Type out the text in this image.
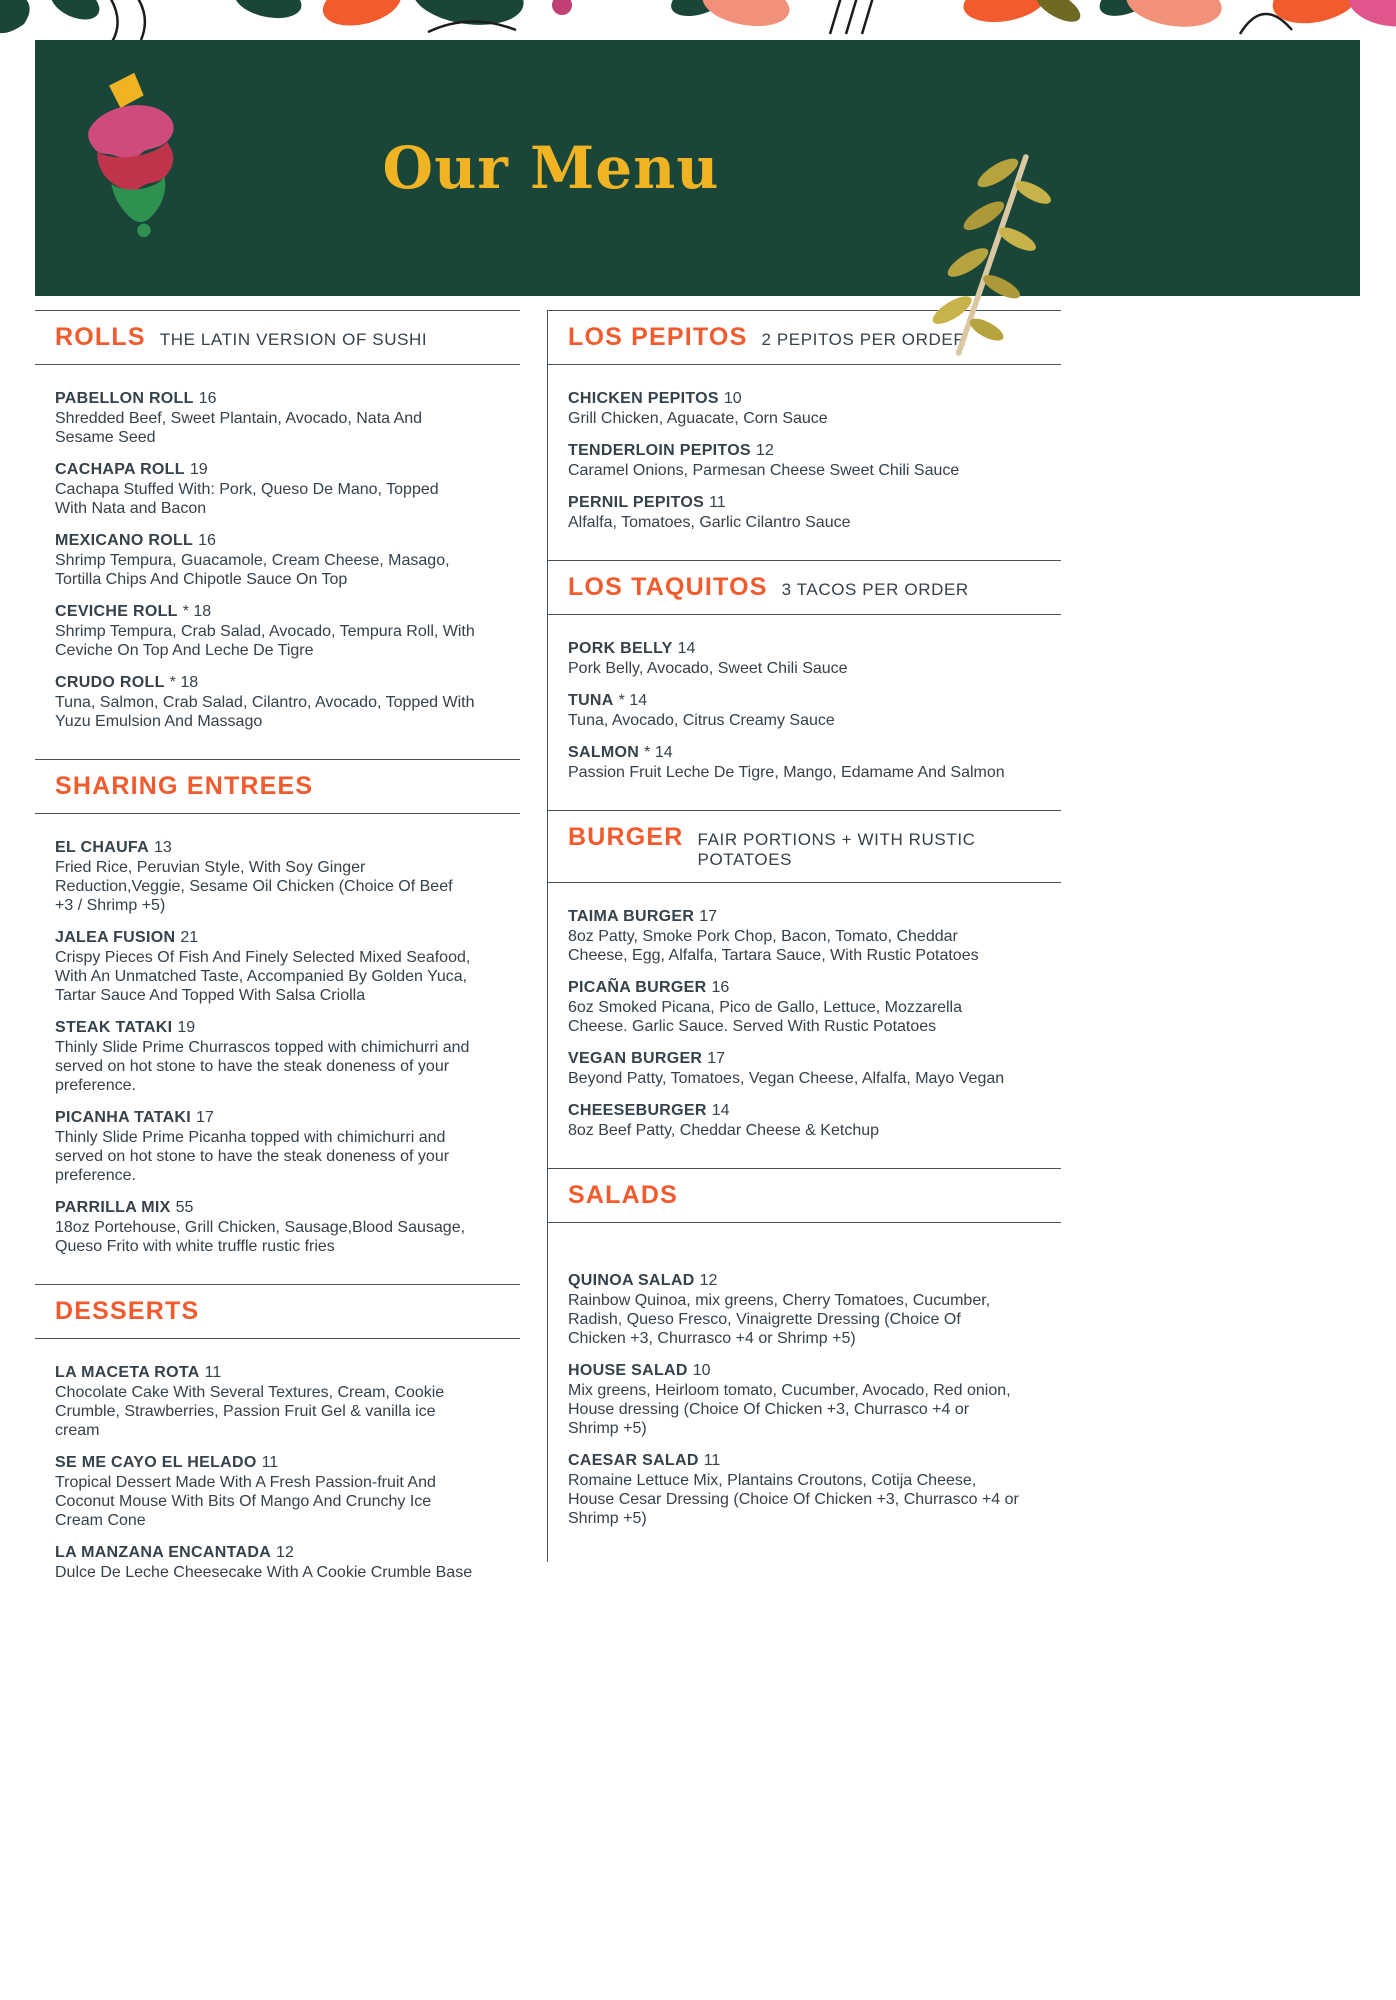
Our Menu
ROLLS THE LATIN VERSION OF SUSHI
PABELLON ROLL 16
Shredded Beef, Sweet Plantain, Avocado, Nata And Sesame Seed
CACHAPA ROLL 19
Cachapa Stuffed With: Pork, Queso De Mano, Topped With Nata and Bacon
MEXICANO ROLL 16
Shrimp Tempura, Guacamole, Cream Cheese, Masago, Tortilla Chips And Chipotle Sauce On Top
CEVICHE ROLL * 18
Shrimp Tempura, Crab Salad, Avocado, Tempura Roll, With Ceviche On Top And Leche De Tigre
CRUDO ROLL * 18
Tuna, Salmon, Crab Salad, Cilantro, Avocado, Topped With Yuzu Emulsion And Massago
SHARING ENTREES
EL CHAUFA 13
Fried Rice, Peruvian Style, With Soy Ginger Reduction,Veggie, Sesame Oil Chicken (Choice Of Beef +3 / Shrimp +5)
JALEA FUSION 21
Crispy Pieces Of Fish And Finely Selected Mixed Seafood, With An Unmatched Taste, Accompanied By Golden Yuca, Tartar Sauce And Topped With Salsa Criolla
STEAK TATAKI 19
Thinly Slide Prime Churrascos topped with chimichurri and served on hot stone to have the steak doneness of your preference.
PICANHA TATAKI 17
Thinly Slide Prime Picanha topped with chimichurri and served on hot stone to have the steak doneness of your preference.
PARRILLA MIX 55
18oz Portehouse, Grill Chicken, Sausage,Blood Sausage, Queso Frito with white truffle rustic fries
DESSERTS
LA MACETA ROTA 11
Chocolate Cake With Several Textures, Cream, Cookie Crumble, Strawberries, Passion Fruit Gel & vanilla ice cream
SE ME CAYO EL HELADO 11
Tropical Dessert Made With A Fresh Passion-fruit And Coconut Mouse With Bits Of Mango And Crunchy Ice Cream Cone
LA MANZANA ENCANTADA 12
Dulce De Leche Cheesecake With A Cookie Crumble Base
LOS PEPITOS 2 PEPITOS PER ORDER
CHICKEN PEPITOS 10
Grill Chicken, Aguacate, Corn Sauce
TENDERLOIN PEPITOS 12
Caramel Onions, Parmesan Cheese Sweet Chili Sauce
PERNIL PEPITOS 11
Alfalfa, Tomatoes, Garlic Cilantro Sauce
LOS TAQUITOS 3 TACOS PER ORDER
PORK BELLY 14
Pork Belly, Avocado, Sweet Chili Sauce
TUNA * 14
Tuna, Avocado, Citrus Creamy Sauce
SALMON * 14
Passion Fruit Leche De Tigre, Mango, Edamame And Salmon
BURGER FAIR PORTIONS + WITH RUSTIC POTATOES
TAIMA BURGER 17
8oz Patty, Smoke Pork Chop, Bacon, Tomato, Cheddar Cheese, Egg, Alfalfa, Tartara Sauce, With Rustic Potatoes
PICAÑA BURGER 16
6oz Smoked Picana, Pico de Gallo, Lettuce, Mozzarella Cheese. Garlic Sauce. Served With Rustic Potatoes
VEGAN BURGER 17
Beyond Patty, Tomatoes, Vegan Cheese, Alfalfa, Mayo Vegan
CHEESEBURGER 14
8oz Beef Patty, Cheddar Cheese & Ketchup
SALADS
QUINOA SALAD 12
Rainbow Quinoa, mix greens, Cherry Tomatoes, Cucumber, Radish, Queso Fresco, Vinaigrette Dressing (Choice Of Chicken +3, Churrasco +4 or Shrimp +5)
HOUSE SALAD 10
Mix greens, Heirloom tomato, Cucumber, Avocado, Red onion, House dressing (Choice Of Chicken +3, Churrasco +4 or Shrimp +5)
CAESAR SALAD 11
Romaine Lettuce Mix, Plantains Croutons, Cotija Cheese, House Cesar Dressing (Choice Of Chicken +3, Churrasco +4 or Shrimp +5)
